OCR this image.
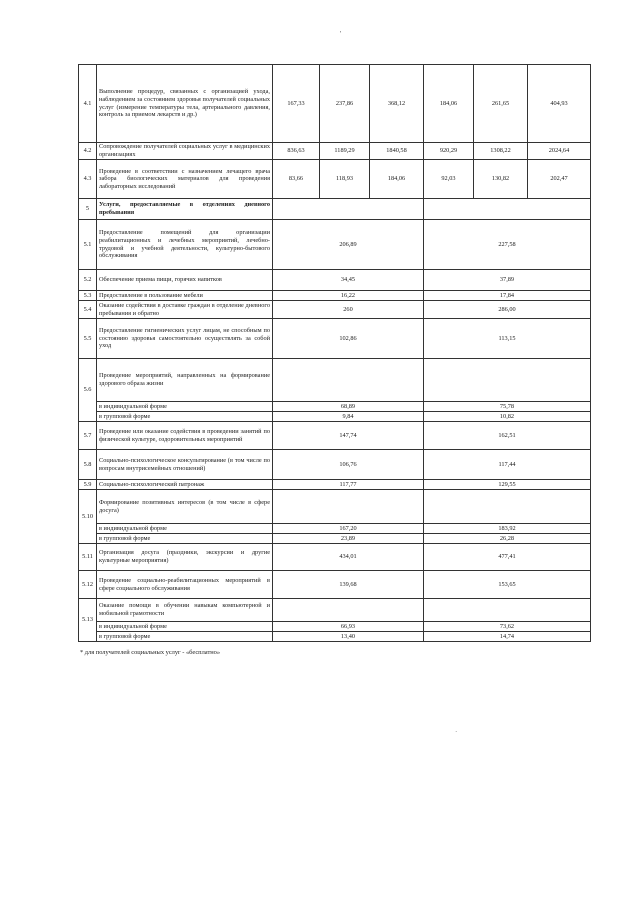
'
4.1	Выполнение процедур, связанных с организацией ухода, наблюдением за состоянием здоровья получателей социальных услуг (измерение температуры тела, артериального давления, контроль за приемом лекарств и др.)	167,33	237,86	368,12	184,06	261,65	404,93
4.2	Сопровождение получателей социальных услуг в медицинских организациях	836,63	1189,29	1840,58	920,29	1308,22	2024,64
4.3	Проведение в соответствии с назначением лечащего врача забора биологических материалов для проведения лабораторных исследований	83,66	118,93	184,06	92,03	130,82	202,47
5	Услуги, предоставляемые в отделениях дневного пребывания						
5.1	Предоставление помещений для организации реабилитационных и лечебных мероприятий, лечебно-трудовой и учебной деятельности, культурно-бытового обслуживания	206,89			227,58		
5.2	Обеспечение приема пищи, горячих напитков	34,45			37,89		
5.3	Предоставление в пользование мебели	16,22			17,84		
5.4	Оказание содействия в доставке граждан в отделение дневного пребывания и обратно	260			286,00		
5.5	Предоставление гигиенических услуг лицам, не способным по состоянию здоровья самостоятельно осуществлять за собой уход	102,86			113,15		
5.6	Проведение мероприятий, направленных на формирование здорового образа жизни						
	в индивидуальной форме	68,89			75,78		
	в групповой форме	9,84			10,82		
5.7	Проведение или оказание содействия в проведении занятий по физической культуре, оздоровительных мероприятий	147,74			162,51		
5.8	Социально-психологическое консультирование (в том числе по вопросам внутрисемейных отношений)	106,76			117,44		
5.9	Социально-психологический патронаж	117,77			129,55		
5.10	Формирование позитивных интересов (в том числе в сфере досуга)						
	в индивидуальной форме	167,20			183,92		
	в групповой форме	23,89			26,28		
5.11	Организация досуга (праздники, экскурсии и другие культурные мероприятия)	434,01			477,41		
5.12	Проведение социально-реабилитационных мероприятий в сфере социального обслуживания	139,68			153,65		
5.13	Оказание помощи в обучении навыкам компьютерной и мобильной грамотности						
	в индивидуальной форме	66,93			73,62		
	в групповой форме	13,40			14,74		
* для получателей социальных услуг - «бесплатно»
·
